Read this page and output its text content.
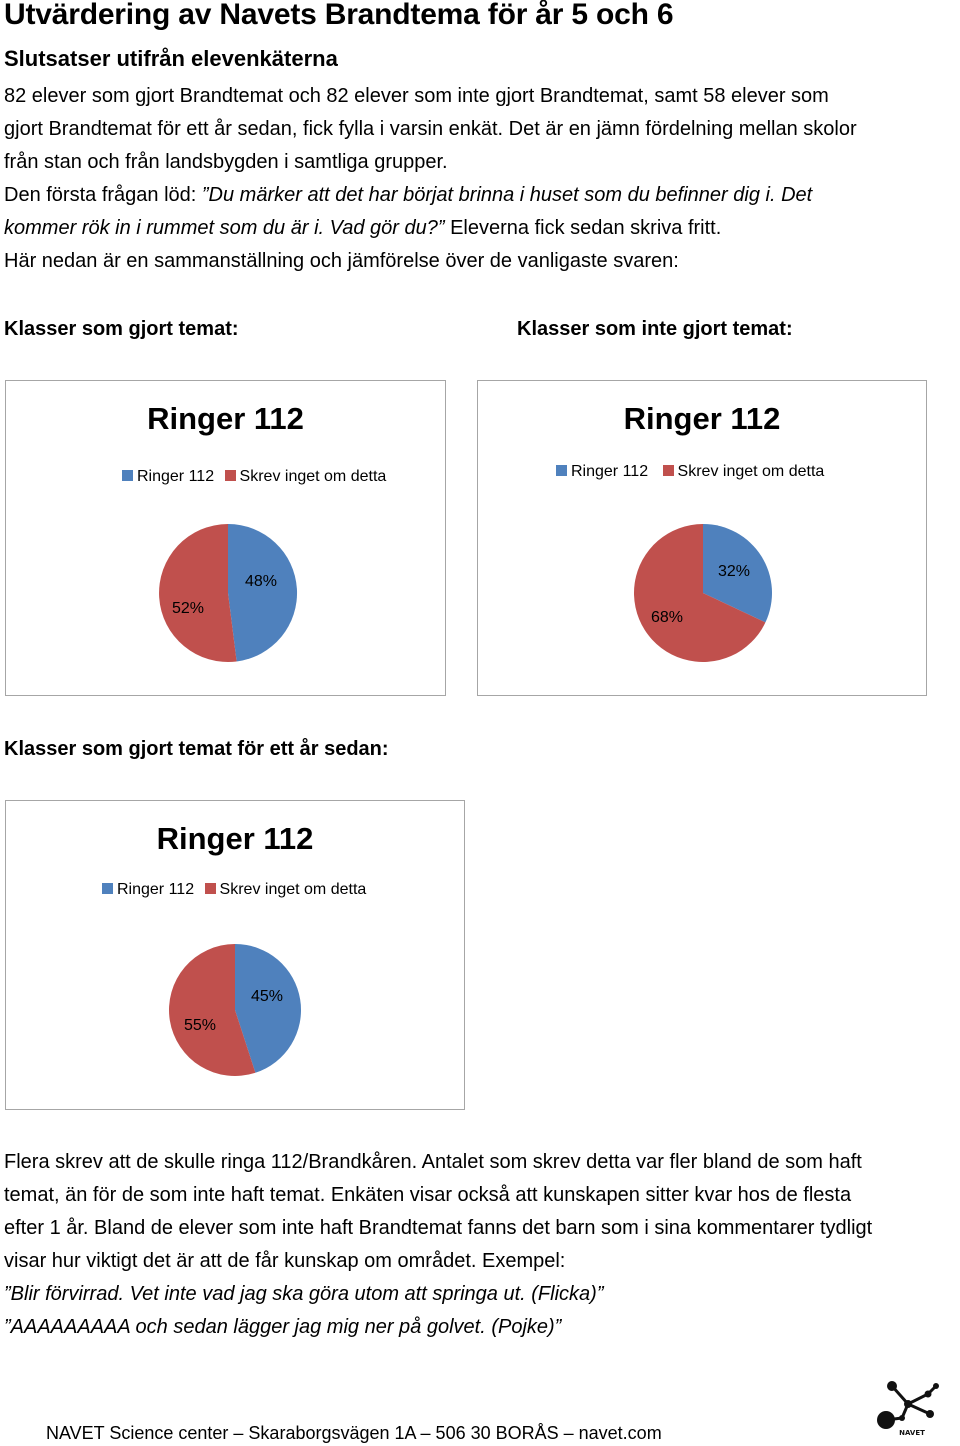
Utvärdering av Navets Brandtema för år 5 och 6
Slutsatser utifrån elevenkäterna

82 elever som gjort Brandtemat och 82 elever som inte gjort Brandtemat, samt 58 elever som

gjort Brandtemat för ett år sedan, fick fylla i varsin enkät. Det är en jämn fördelning mellan skolor

från stan och från landsbygden i samtliga grupper.

Den första frågan löd: ”Du märker att det har börjat brinna i huset som du befinner dig i. Det

kommer rök in i rummet som du är i. Vad gör du?” Eleverna fick sedan skriva fritt.

Här nedan är en sammanställning och jämförelse över de vanligaste svaren:

Klasser som gjort temat:	Klasser som inte gjort temat:
Ringer 112
Ringer 112 Skrev inget om detta
48%
52%
Ringer 112
Ringer 112 Skrev inget om detta
32%
68%
Klasser som gjort temat för ett år sedan:
Ringer 112
Ringer 112 Skrev inget om detta
45%
55%

Flera skrev att de skulle ringa 112/Brandkåren. Antalet som skrev detta var fler bland de som haft

temat, än för de som inte haft temat. Enkäten visar också att kunskapen sitter kvar hos de flesta

efter 1 år. Bland de elever som inte haft Brandtemat fanns det barn som i sina kommentarer tydligt

visar hur viktigt det är att de får kunskap om området. Exempel:

”Blir förvirrad. Vet inte vad jag ska göra utom att springa ut. (Flicka)”

”AAAAAAAAA och sedan lägger jag mig ner på golvet. (Pojke)”

NAVET Science center – Skaraborgsvägen 1A – 506 30 BORÅS – navet.com	NAVET
